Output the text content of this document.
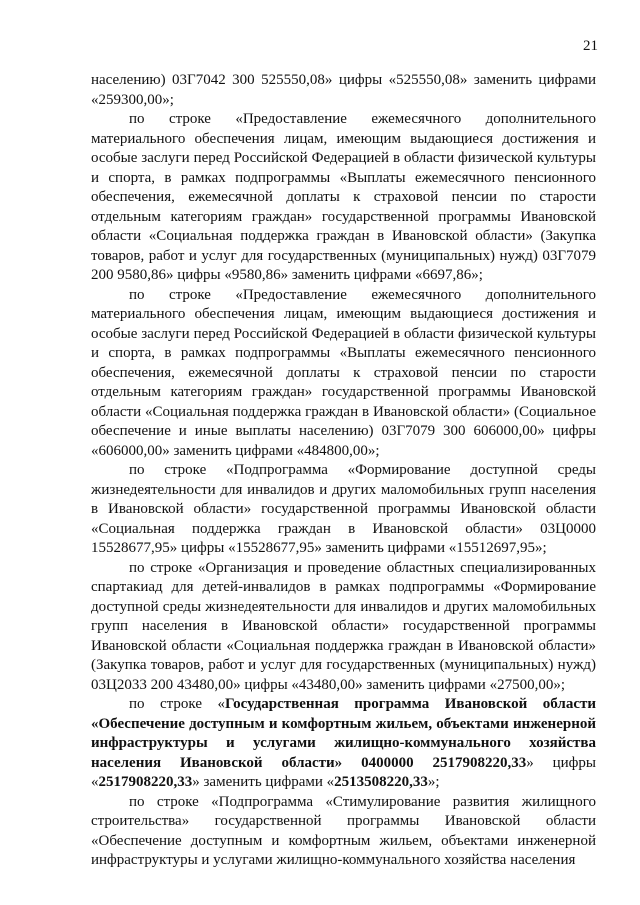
21

населению) 03Г7042 300 525550,08» цифры «525550,08» заменить цифрами «259300,00»;

по строке «Предоставление ежемесячного дополнительного материального обеспечения лицам, имеющим выдающиеся достижения и особые заслуги перед Российской Федерацией в области физической культуры и спорта, в рамках подпрограммы «Выплаты ежемесячного пенсионного обеспечения, ежемесячной доплаты к страховой пенсии по старости отдельным категориям граждан» государственной программы Ивановской области «Социальная поддержка граждан в Ивановской области» (Закупка товаров, работ и услуг для государственных (муниципальных) нужд) 03Г7079 200 9580,86» цифры «9580,86» заменить цифрами «6697,86»;

по строке «Предоставление ежемесячного дополнительного материального обеспечения лицам, имеющим выдающиеся достижения и особые заслуги перед Российской Федерацией в области физической культуры и спорта, в рамках подпрограммы «Выплаты ежемесячного пенсионного обеспечения, ежемесячной доплаты к страховой пенсии по старости отдельным категориям граждан» государственной программы Ивановской области «Социальная поддержка граждан в Ивановской области» (Социальное обеспечение и иные выплаты населению) 03Г7079 300 606000,00» цифры «606000,00» заменить цифрами «484800,00»;

по строке «Подпрограмма «Формирование доступной среды жизнедеятельности для инвалидов и других маломобильных групп населения в Ивановской области» государственной программы Ивановской области «Социальная поддержка граждан в Ивановской области» 03Ц0000 15528677,95» цифры «15528677,95» заменить цифрами «15512697,95»;

по строке «Организация и проведение областных специализированных спартакиад для детей-инвалидов в рамках подпрограммы «Формирование доступной среды жизнедеятельности для инвалидов и других маломобильных групп населения в Ивановской области» государственной программы Ивановской области «Социальная поддержка граждан в Ивановской области» (Закупка товаров, работ и услуг для государственных (муниципальных) нужд) 03Ц2033 200 43480,00» цифры «43480,00» заменить цифрами «27500,00»;

по строке «Государственная программа Ивановской области «Обеспечение доступным и комфортным жильем, объектами инженерной инфраструктуры и услугами жилищно-коммунального хозяйства населения Ивановской области» 0400000 2517908220,33» цифры «2517908220,33» заменить цифрами «2513508220,33»;

по строке «Подпрограмма «Стимулирование развития жилищного строительства» государственной программы Ивановской области «Обеспечение доступным и комфортным жильем, объектами инженерной инфраструктуры и услугами жилищно-коммунального хозяйства населения
